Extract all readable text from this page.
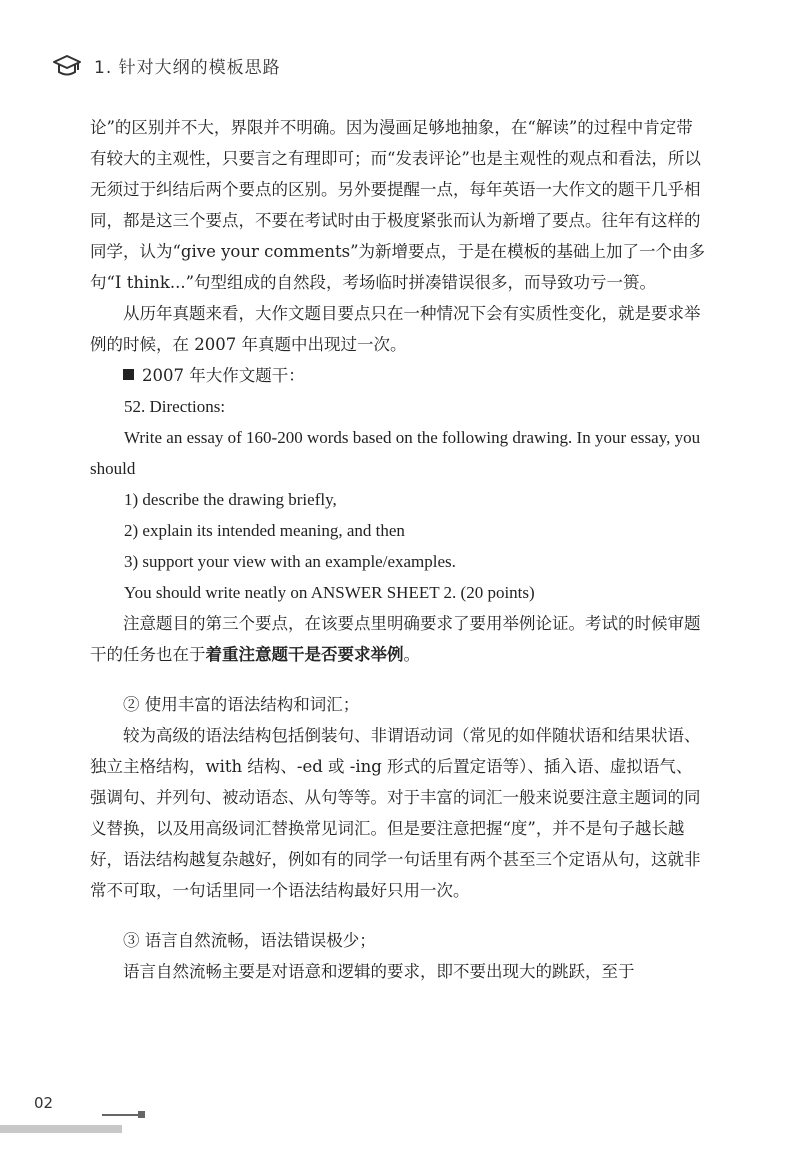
1. 针对大纲的模板思路

论”的区别并不大，界限并不明确。因为漫画足够地抽象，在“解读”的过程中肯定带有较大的主观性，只要言之有理即可；而“发表评论”也是主观性的观点和看法，所以无须过于纠结后两个要点的区别。另外要提醒一点，每年英语一大作文的题干几乎相同，都是这三个要点，不要在考试时由于极度紧张而认为新增了要点。往年有这样的同学，认为“give your comments”为新增要点，于是在模板的基础上加了一个由多句“I think...”句型组成的自然段，考场临时拼凑错误很多，而导致功亏一篑。

从历年真题来看，大作文题目要点只在一种情况下会有实质性变化，就是要求举例的时候，在 2007 年真题中出现过一次。

2007 年大作文题干：

52. Directions:

Write an essay of 160-200 words based on the following drawing. In your essay, you should

1) describe the drawing briefly,

2) explain its intended meaning, and then

3) support your view with an example/examples.

You should write neatly on ANSWER SHEET 2. (20 points)

注意题目的第三个要点，在该要点里明确要求了要用举例论证。考试的时候审题干的任务也在于着重注意题干是否要求举例。

② 使用丰富的语法结构和词汇；

较为高级的语法结构包括倒装句、非谓语动词（常见的如伴随状语和结果状语、独立主格结构，with 结构、-ed 或 -ing 形式的后置定语等）、插入语、虚拟语气、强调句、并列句、被动语态、从句等等。对于丰富的词汇一般来说要注意主题词的同义替换，以及用高级词汇替换常见词汇。但是要注意把握“度”，并不是句子越长越好，语法结构越复杂越好，例如有的同学一句话里有两个甚至三个定语从句，这就非常不可取，一句话里同一个语法结构最好只用一次。

③ 语言自然流畅，语法错误极少；

语言自然流畅主要是对语意和逻辑的要求，即不要出现大的跳跃，至于

02
